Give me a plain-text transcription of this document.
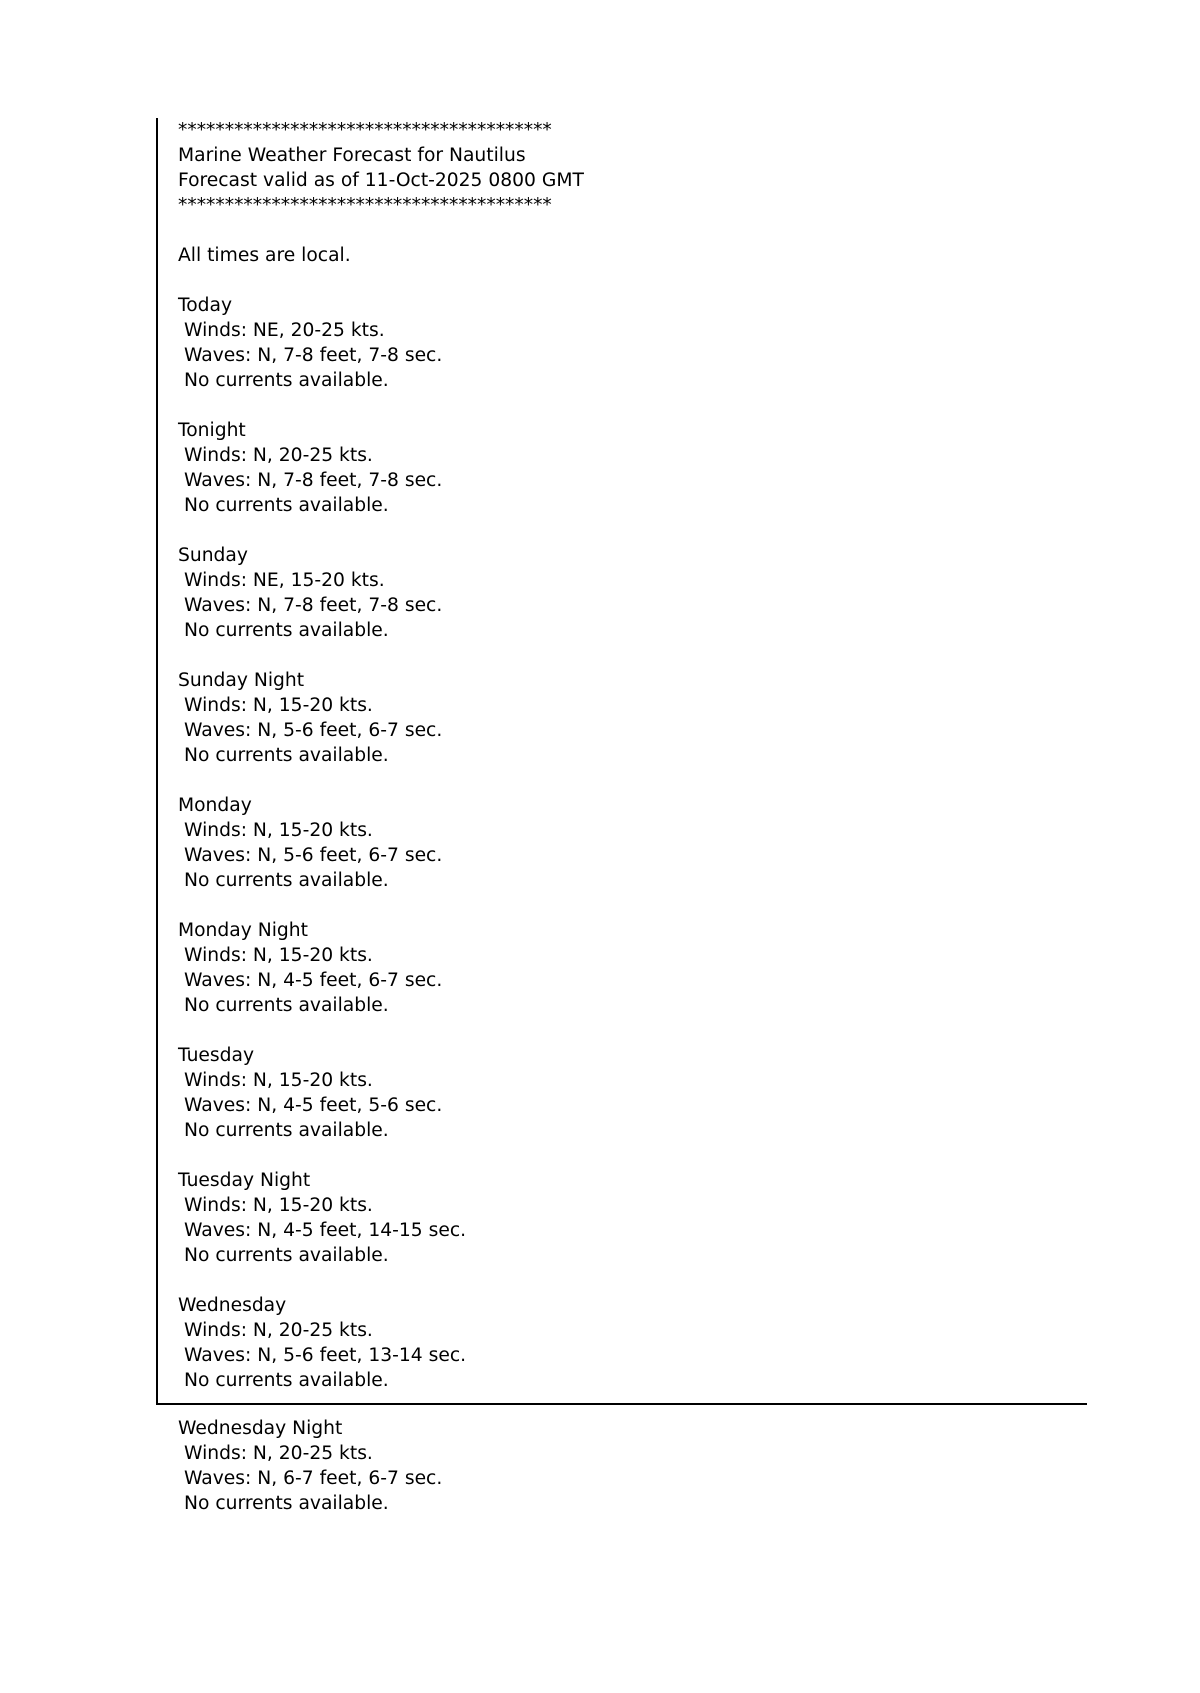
****************************************
Marine Weather Forecast for Nautilus
Forecast valid as of 11-Oct-2025 0800 GMT
****************************************
All times are local.
Today
Winds: NE, 20-25 kts.
Waves: N, 7-8 feet, 7-8 sec.
No currents available.
Tonight
Winds: N, 20-25 kts.
Waves: N, 7-8 feet, 7-8 sec.
No currents available.
Sunday
Winds: NE, 15-20 kts.
Waves: N, 7-8 feet, 7-8 sec.
No currents available.
Sunday Night
Winds: N, 15-20 kts.
Waves: N, 5-6 feet, 6-7 sec.
No currents available.
Monday
Winds: N, 15-20 kts.
Waves: N, 5-6 feet, 6-7 sec.
No currents available.
Monday Night
Winds: N, 15-20 kts.
Waves: N, 4-5 feet, 6-7 sec.
No currents available.
Tuesday
Winds: N, 15-20 kts.
Waves: N, 4-5 feet, 5-6 sec.
No currents available.
Tuesday Night
Winds: N, 15-20 kts.
Waves: N, 4-5 feet, 14-15 sec.
No currents available.
Wednesday
Winds: N, 20-25 kts.
Waves: N, 5-6 feet, 13-14 sec.
No currents available.
Wednesday Night
Winds: N, 20-25 kts.
Waves: N, 6-7 feet, 6-7 sec.
No currents available.
